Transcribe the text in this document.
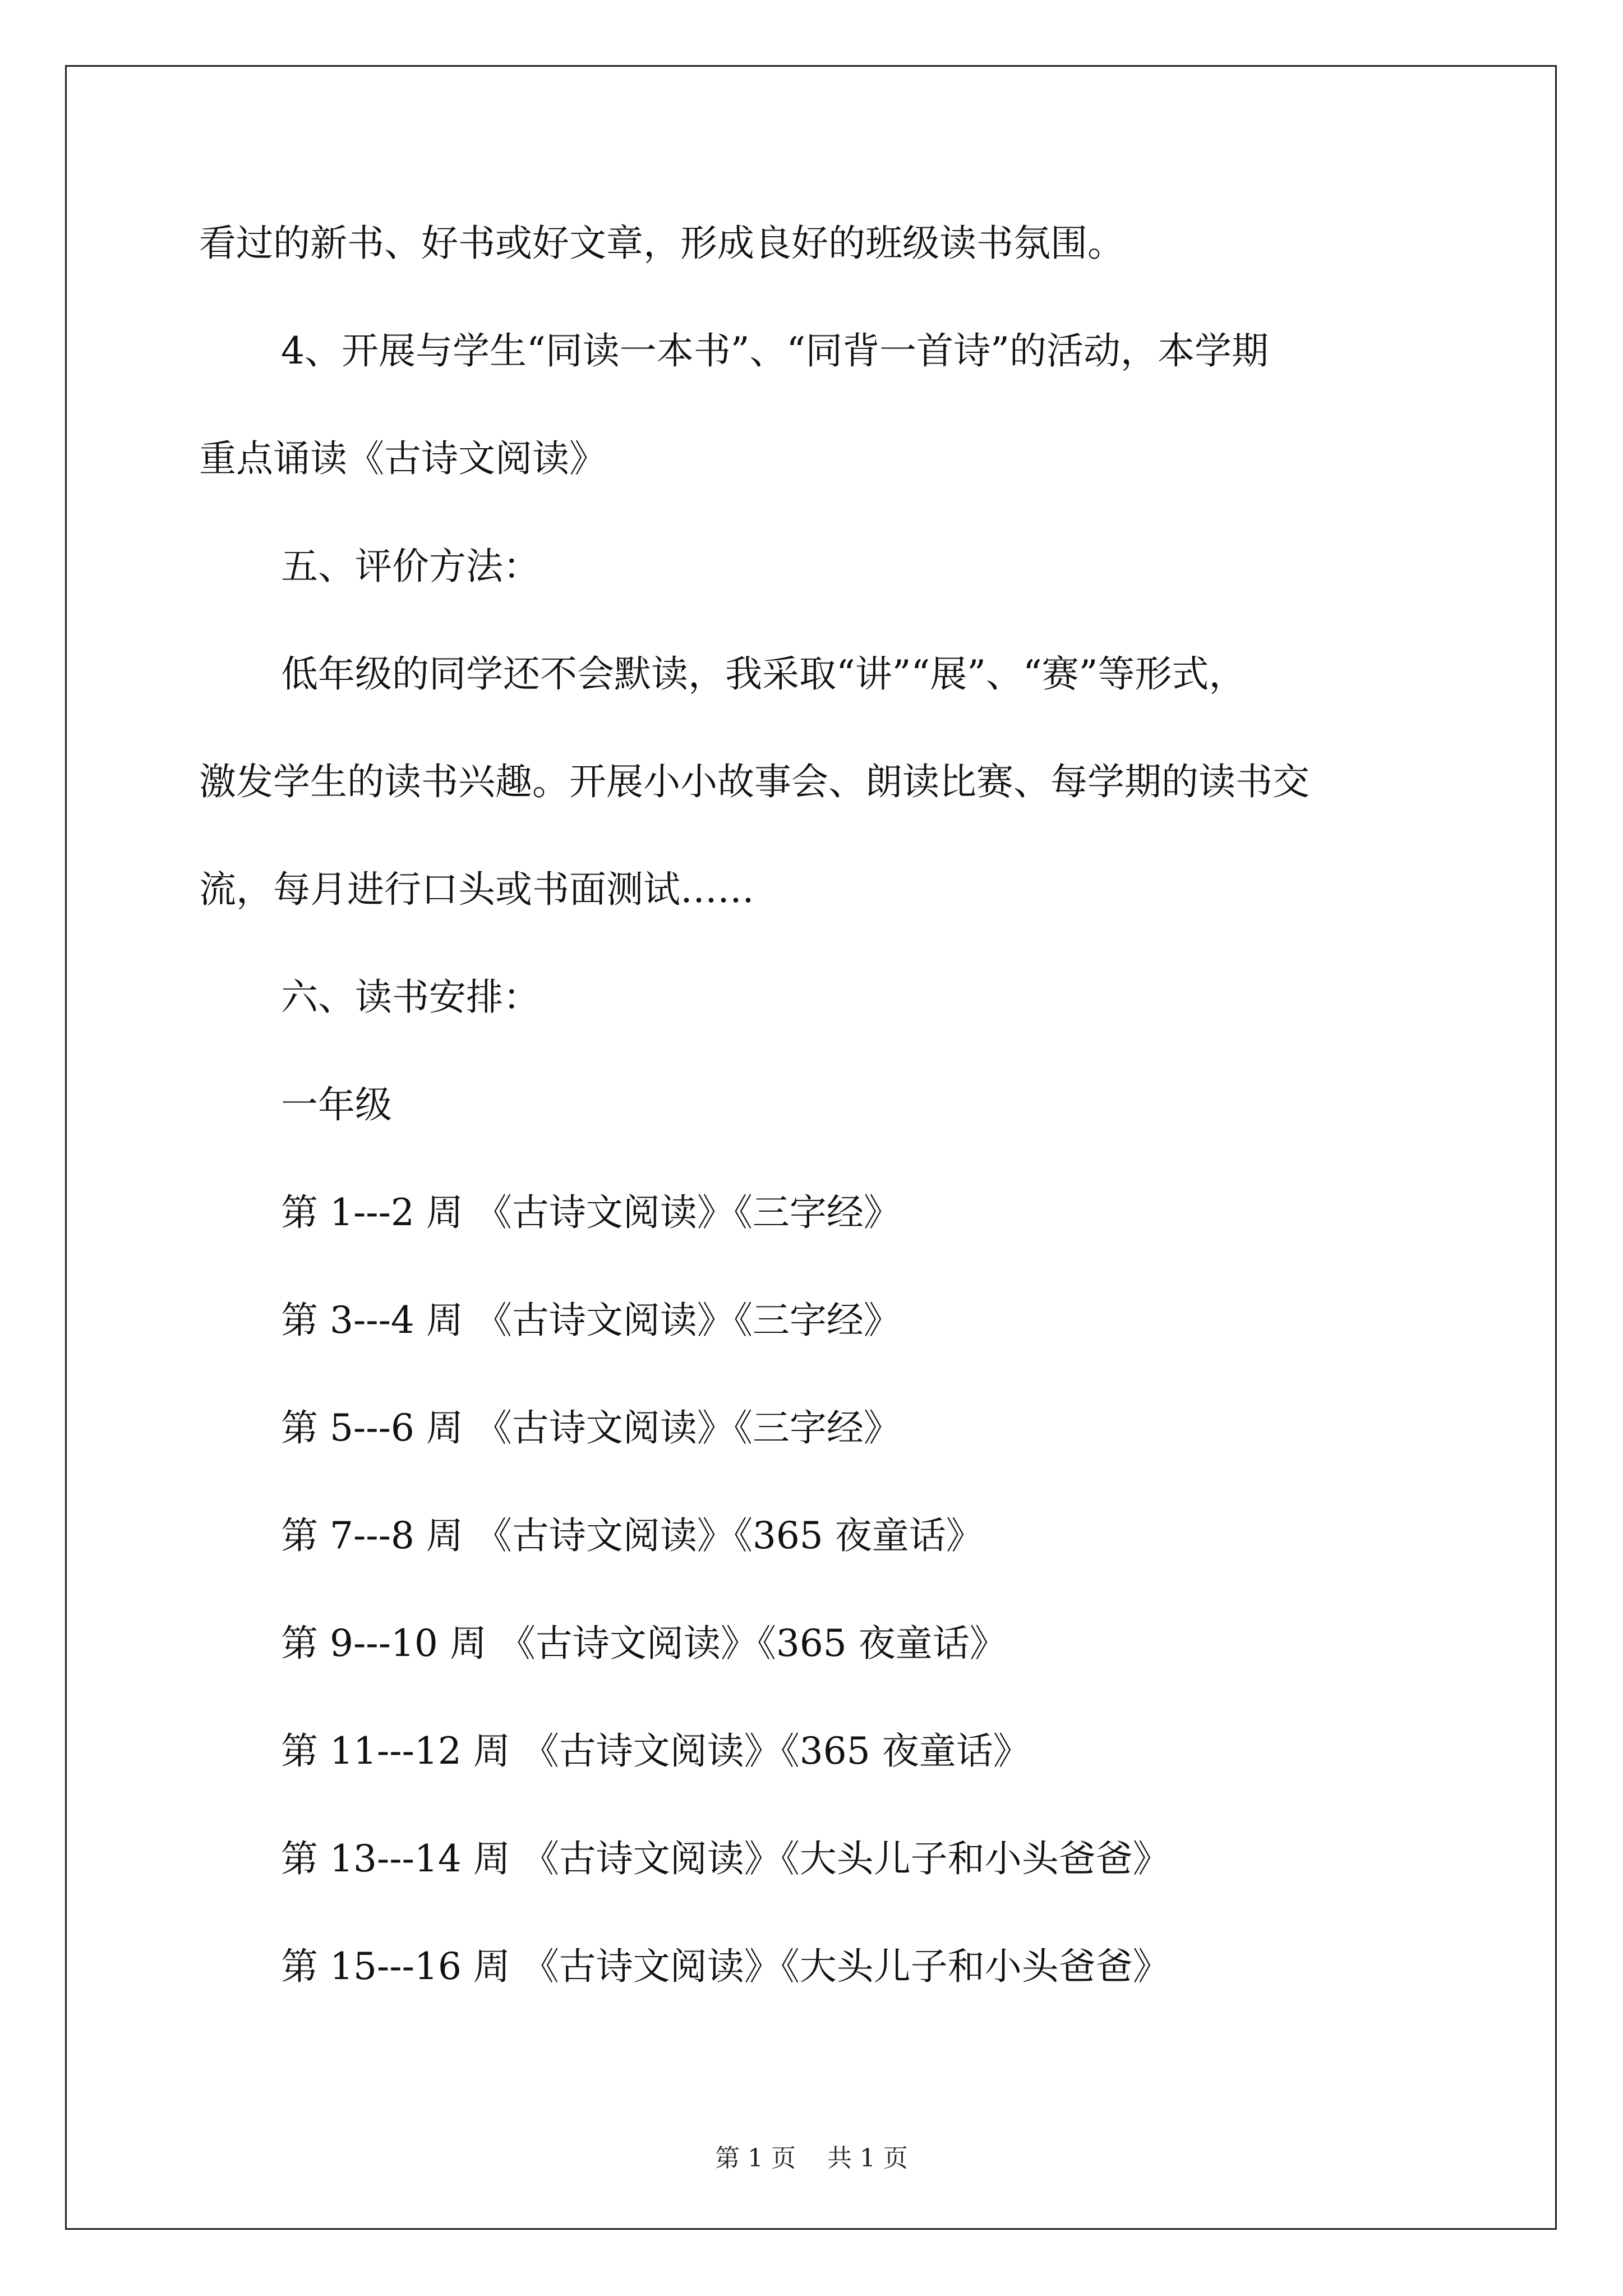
看过的新书、好书或好文章，形成良好的班级读书氛围。
4、开展与学生“同读一本书”、“同背一首诗”的活动，本学期
重点诵读《古诗文阅读》
五、评价方法：
低年级的同学还不会默读，我采取“讲”“展”、“赛”等形式，
激发学生的读书兴趣。开展小小故事会、朗读比赛、每学期的读书交
流，每月进行口头或书面测试……
六、读书安排：
一年级
第 1---2 周 《古诗文阅读》《三字经》
第 3---4 周 《古诗文阅读》《三字经》
第 5---6 周 《古诗文阅读》《三字经》
第 7---8 周 《古诗文阅读》《365 夜童话》
第 9---10 周 《古诗文阅读》《365 夜童话》
第 11---12 周 《古诗文阅读》《365 夜童话》
第 13---14 周 《古诗文阅读》《大头儿子和小头爸爸》
第 15---16 周 《古诗文阅读》《大头儿子和小头爸爸》
第 1 页    共 1 页
